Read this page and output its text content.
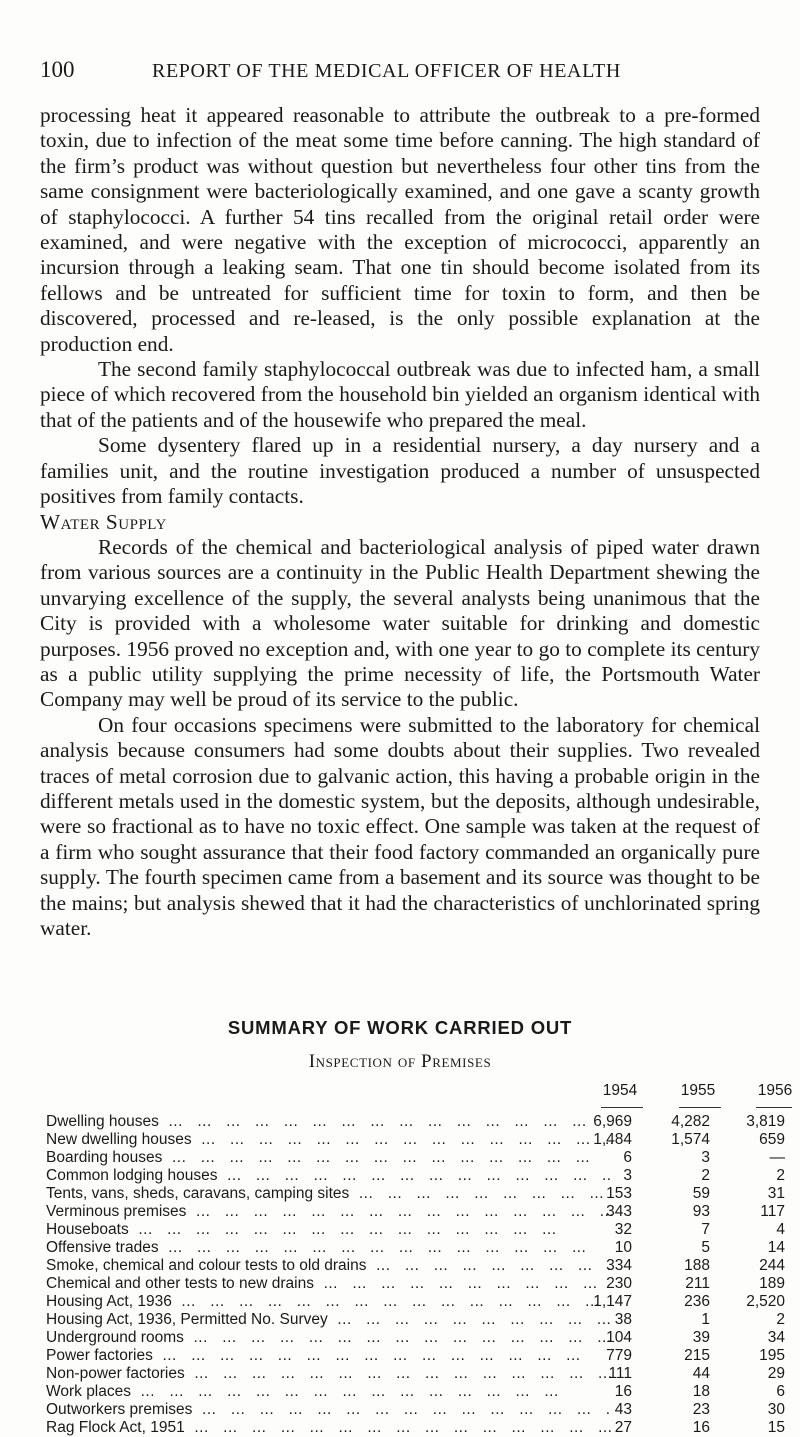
100	REPORT OF THE MEDICAL OFFICER OF HEALTH

processing heat it appeared reasonable to attribute the outbreak to a pre-formed toxin, due to infection of the meat some time before canning. The high standard of the firm’s product was without question but nevertheless four other tins from the same consignment were bacteriologically examined, and one gave a scanty growth of staphylococci. A further 54 tins recalled from the original retail order were examined, and were negative with the exception of micrococci, apparently an incursion through a leaking seam. That one tin should become isolated from its fellows and be untreated for sufficient time for toxin to form, and then be discovered, processed and re-leased, is the only possible explanation at the production end.

The second family staphylococcal outbreak was due to infected ham, a small piece of which recovered from the household bin yielded an organism identical with that of the patients and of the housewife who prepared the meal.

Some dysentery flared up in a residential nursery, a day nursery and a families unit, and the routine investigation produced a number of unsuspected positives from family contacts.

Water Supply

Records of the chemical and bacteriological analysis of piped water drawn from various sources are a continuity in the Public Health Department shewing the unvarying excellence of the supply, the several analysts being unanimous that the City is provided with a wholesome water suitable for drinking and domestic purposes. 1956 proved no exception and, with one year to go to complete its century as a public utility supplying the prime necessity of life, the Portsmouth Water Company may well be proud of its service to the public.

On four occasions specimens were submitted to the laboratory for chemical analysis because consumers had some doubts about their supplies. Two revealed traces of metal corrosion due to galvanic action, this having a probable origin in the different metals used in the domestic system, but the deposits, although undesirable, were so fractional as to have no toxic effect. One sample was taken at the request of a firm who sought assurance that their food factory commanded an organically pure supply. The fourth specimen came from a basement and its source was thought to be the mains; but analysis shewed that it had the characteristics of unchlorinated spring water.

SUMMARY OF WORK CARRIED OUT
Inspection of Premises
1954	1955	1956
Dwelling houses ...	6,969	4,282	3,819
New dwelling houses ...	1,484	1,574	659
Boarding houses ...	6	3	—
Common lodging houses ...	3	2	2
Tents, vans, sheds, caravans, camping sites ...	153	59	31
Verminous premises ...	343	93	117
Houseboats ...	32	7	4
Offensive trades ...	10	5	14
Smoke, chemical and colour tests to old drains ...	334	188	244
Chemical and other tests to new drains ...	230	211	189
Housing Act, 1936 ...	1,147	236	2,520
Housing Act, 1936, Permitted No. Survey ...	38	1	2
Underground rooms ...	104	39	34
Power factories ...	779	215	195
Non-power factories ...	111	44	29
Work places ...	16	18	6
Outworkers premises ...	43	23	30
Rag Flock Act, 1951 ...	27	16	15
